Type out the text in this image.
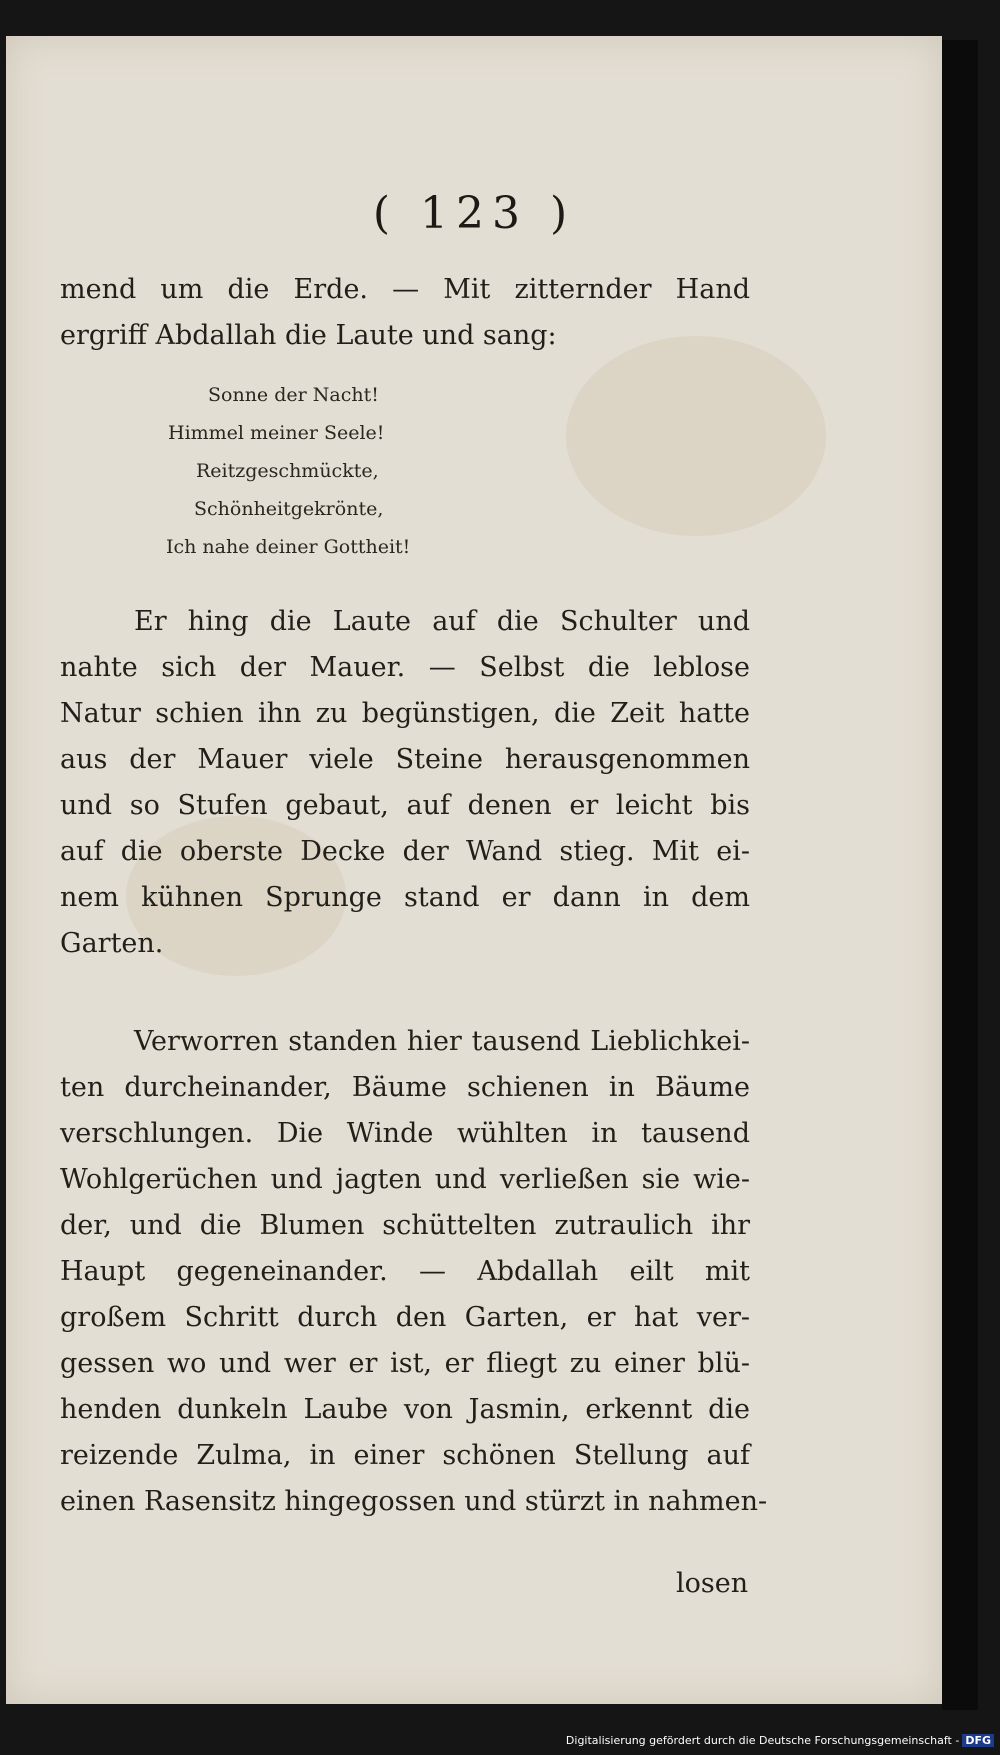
( 123 )
mend um die Erde. — Mit zitternder Hand
ergriff Abdallah die Laute und sang:
Sonne der Nacht!
Himmel meiner Seele!
Reitzgeschmückte,
Schönheitgekrönte,
Ich nahe deiner Gottheit!
Er hing die Laute auf die Schulter und
nahte sich der Mauer. — Selbst die leblose
Natur schien ihn zu begünstigen, die Zeit hatte
aus der Mauer viele Steine herausgenommen
und so Stufen gebaut, auf denen er leicht bis
auf die oberste Decke der Wand stieg. Mit ei-
nem kühnen Sprunge stand er dann in dem
Garten.
Verworren standen hier tausend Lieblichkei-
ten durcheinander, Bäume schienen in Bäume
verschlungen. Die Winde wühlten in tausend
Wohlgerüchen und jagten und verließen sie wie-
der, und die Blumen schüttelten zutraulich ihr
Haupt gegeneinander. — Abdallah eilt mit
großem Schritt durch den Garten, er hat ver-
gessen wo und wer er ist, er fliegt zu einer blü-
henden dunkeln Laube von Jasmin, erkennt die
reizende Zulma, in einer schönen Stellung auf
einen Rasensitz hingegossen und stürzt in nahmen-
losen
Digitalisierung gefördert durch die Deutsche Forschungsgemeinschaft - DFG
